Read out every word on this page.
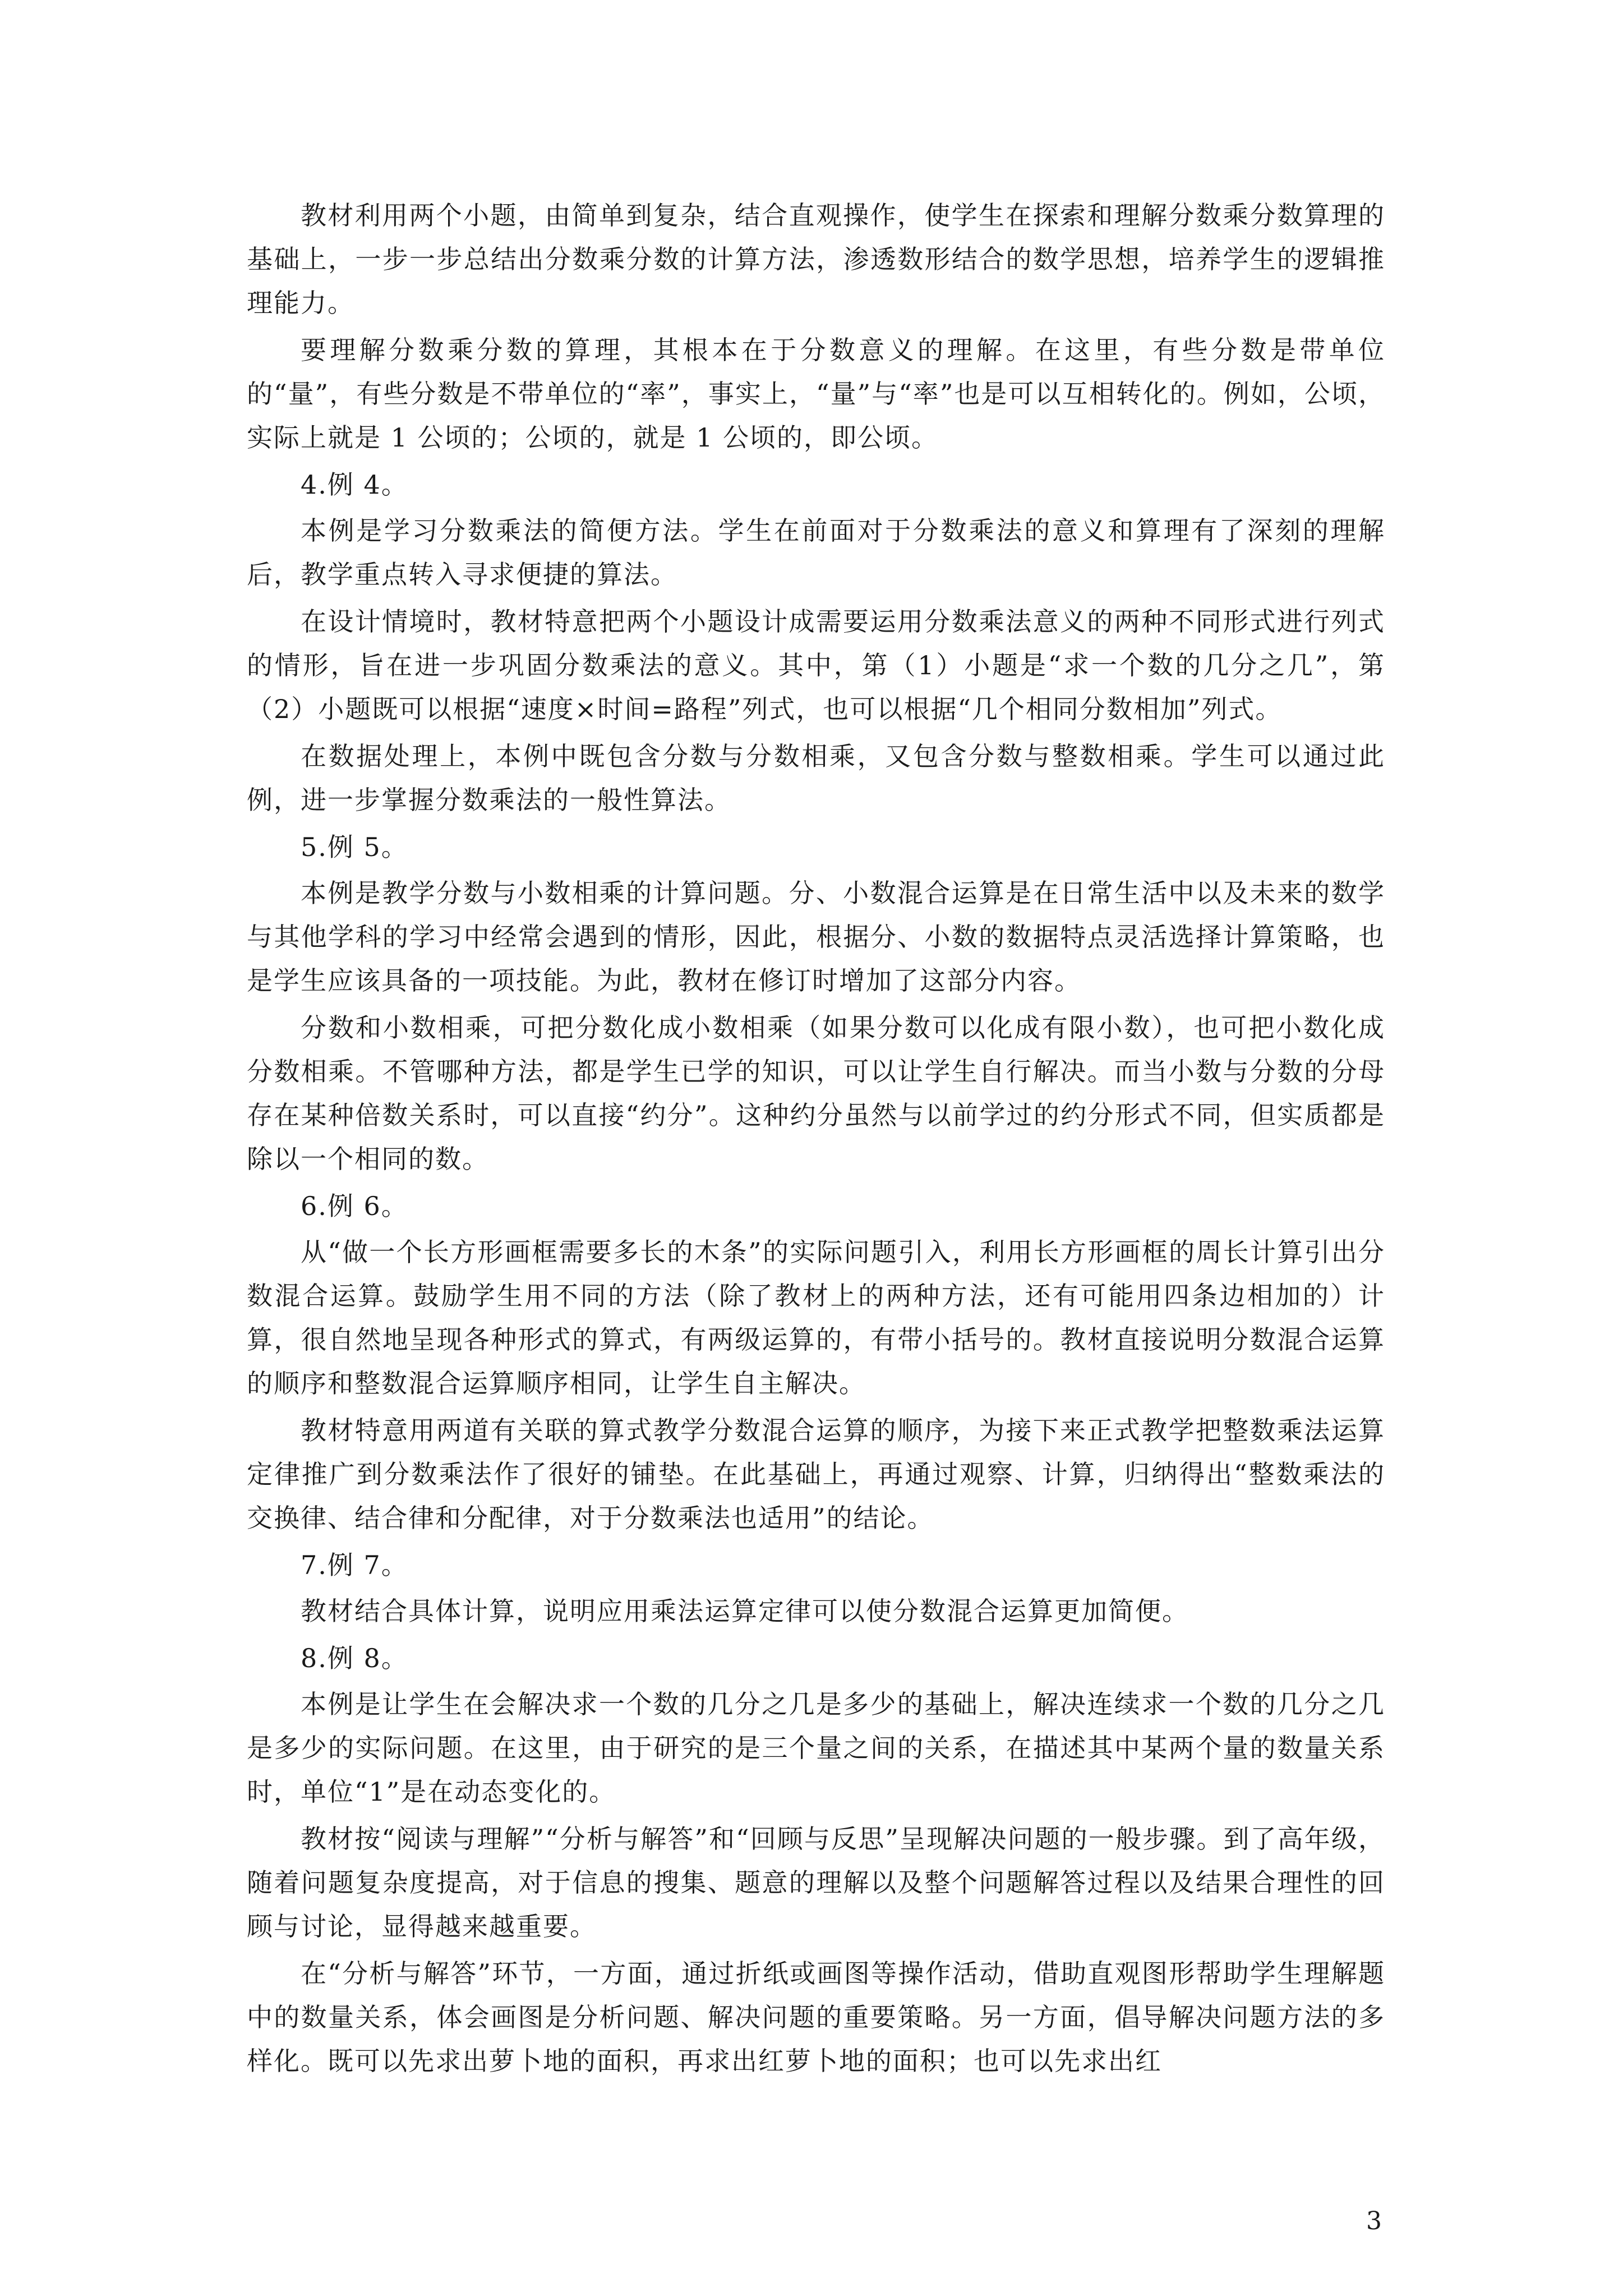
教材利用两个小题，由简单到复杂，结合直观操作，使学生在探索和理解分数乘分数算理的基础上，一步一步总结出分数乘分数的计算方法，渗透数形结合的数学思想，培养学生的逻辑推理能力。

要理解分数乘分数的算理，其根本在于分数意义的理解。在这里，有些分数是带单位的“量”，有些分数是不带单位的“率”，事实上，“量”与“率”也是可以互相转化的。例如，公顷，实际上就是 1 公顷的；公顷的，就是 1 公顷的，即公顷。

4.例 4。

本例是学习分数乘法的简便方法。学生在前面对于分数乘法的意义和算理有了深刻的理解后，教学重点转入寻求便捷的算法。

在设计情境时，教材特意把两个小题设计成需要运用分数乘法意义的两种不同形式进行列式的情形，旨在进一步巩固分数乘法的意义。其中，第（1）小题是“求一个数的几分之几”，第（2）小题既可以根据“速度×时间=路程”列式，也可以根据“几个相同分数相加”列式。

在数据处理上，本例中既包含分数与分数相乘，又包含分数与整数相乘。学生可以通过此例，进一步掌握分数乘法的一般性算法。

5.例 5。

本例是教学分数与小数相乘的计算问题。分、小数混合运算是在日常生活中以及未来的数学与其他学科的学习中经常会遇到的情形，因此，根据分、小数的数据特点灵活选择计算策略，也是学生应该具备的一项技能。为此，教材在修订时增加了这部分内容。

分数和小数相乘，可把分数化成小数相乘（如果分数可以化成有限小数），也可把小数化成分数相乘。不管哪种方法，都是学生已学的知识，可以让学生自行解决。而当小数与分数的分母存在某种倍数关系时，可以直接“约分”。这种约分虽然与以前学过的约分形式不同，但实质都是除以一个相同的数。

6.例 6。

从“做一个长方形画框需要多长的木条”的实际问题引入，利用长方形画框的周长计算引出分数混合运算。鼓励学生用不同的方法（除了教材上的两种方法，还有可能用四条边相加的）计算，很自然地呈现各种形式的算式，有两级运算的，有带小括号的。教材直接说明分数混合运算的顺序和整数混合运算顺序相同，让学生自主解决。

教材特意用两道有关联的算式教学分数混合运算的顺序，为接下来正式教学把整数乘法运算定律推广到分数乘法作了很好的铺垫。在此基础上，再通过观察、计算，归纳得出“整数乘法的交换律、结合律和分配律，对于分数乘法也适用”的结论。

7.例 7。

教材结合具体计算，说明应用乘法运算定律可以使分数混合运算更加简便。

8.例 8。

本例是让学生在会解决求一个数的几分之几是多少的基础上，解决连续求一个数的几分之几是多少的实际问题。在这里，由于研究的是三个量之间的关系，在描述其中某两个量的数量关系时，单位“1”是在动态变化的。

教材按“阅读与理解”“分析与解答”和“回顾与反思”呈现解决问题的一般步骤。到了高年级，随着问题复杂度提高，对于信息的搜集、题意的理解以及整个问题解答过程以及结果合理性的回顾与讨论，显得越来越重要。

在“分析与解答”环节，一方面，通过折纸或画图等操作活动，借助直观图形帮助学生理解题中的数量关系，体会画图是分析问题、解决问题的重要策略。另一方面，倡导解决问题方法的多样化。既可以先求出萝卜地的面积，再求出红萝卜地的面积；也可以先求出红

3
